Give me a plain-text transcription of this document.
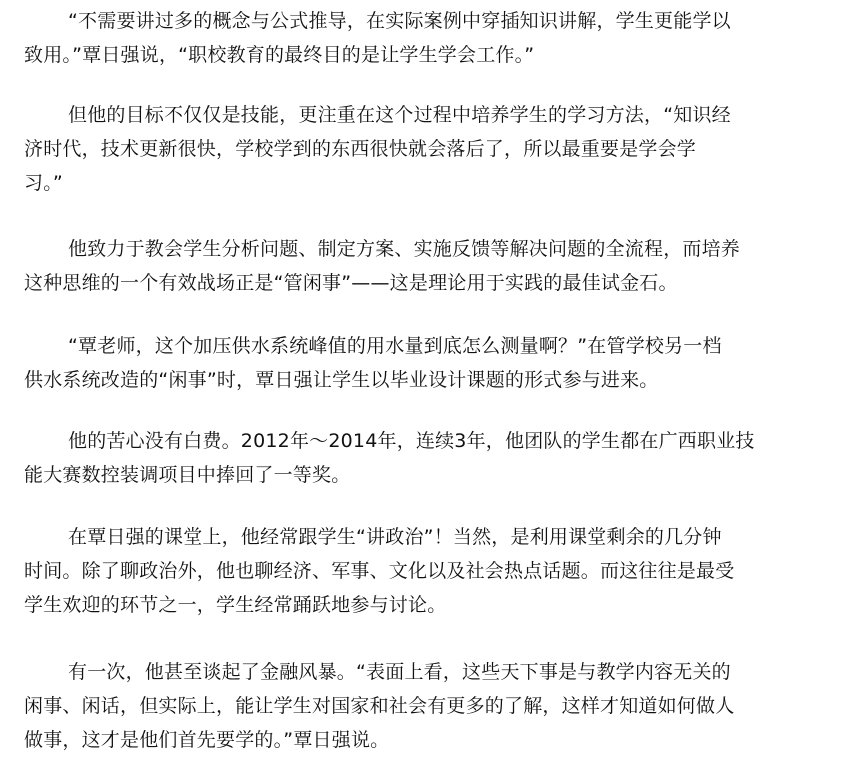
“不需要讲过多的概念与公式推导，在实际案例中穿插知识讲解，学生更能学以
致用。”覃日强说，“职校教育的最终目的是让学生学会工作。”
但他的目标不仅仅是技能，更注重在这个过程中培养学生的学习方法，“知识经
济时代，技术更新很快，学校学到的东西很快就会落后了，所以最重要是学会学
习。”
他致力于教会学生分析问题、制定方案、实施反馈等解决问题的全流程，而培养
这种思维的一个有效战场正是“管闲事”——这是理论用于实践的最佳试金石。
“覃老师，这个加压供水系统峰值的用水量到底怎么测量啊？”在管学校另一档
供水系统改造的“闲事”时，覃日强让学生以毕业设计课题的形式参与进来。
他的苦心没有白费。2012年～2014年，连续3年，他团队的学生都在广西职业技
能大赛数控装调项目中捧回了一等奖。
在覃日强的课堂上，他经常跟学生“讲政治”！当然，是利用课堂剩余的几分钟
时间。除了聊政治外，他也聊经济、军事、文化以及社会热点话题。而这往往是最受
学生欢迎的环节之一，学生经常踊跃地参与讨论。
有一次，他甚至谈起了金融风暴。“表面上看，这些天下事是与教学内容无关的
闲事、闲话，但实际上，能让学生对国家和社会有更多的了解，这样才知道如何做人
做事，这才是他们首先要学的。”覃日强说。
